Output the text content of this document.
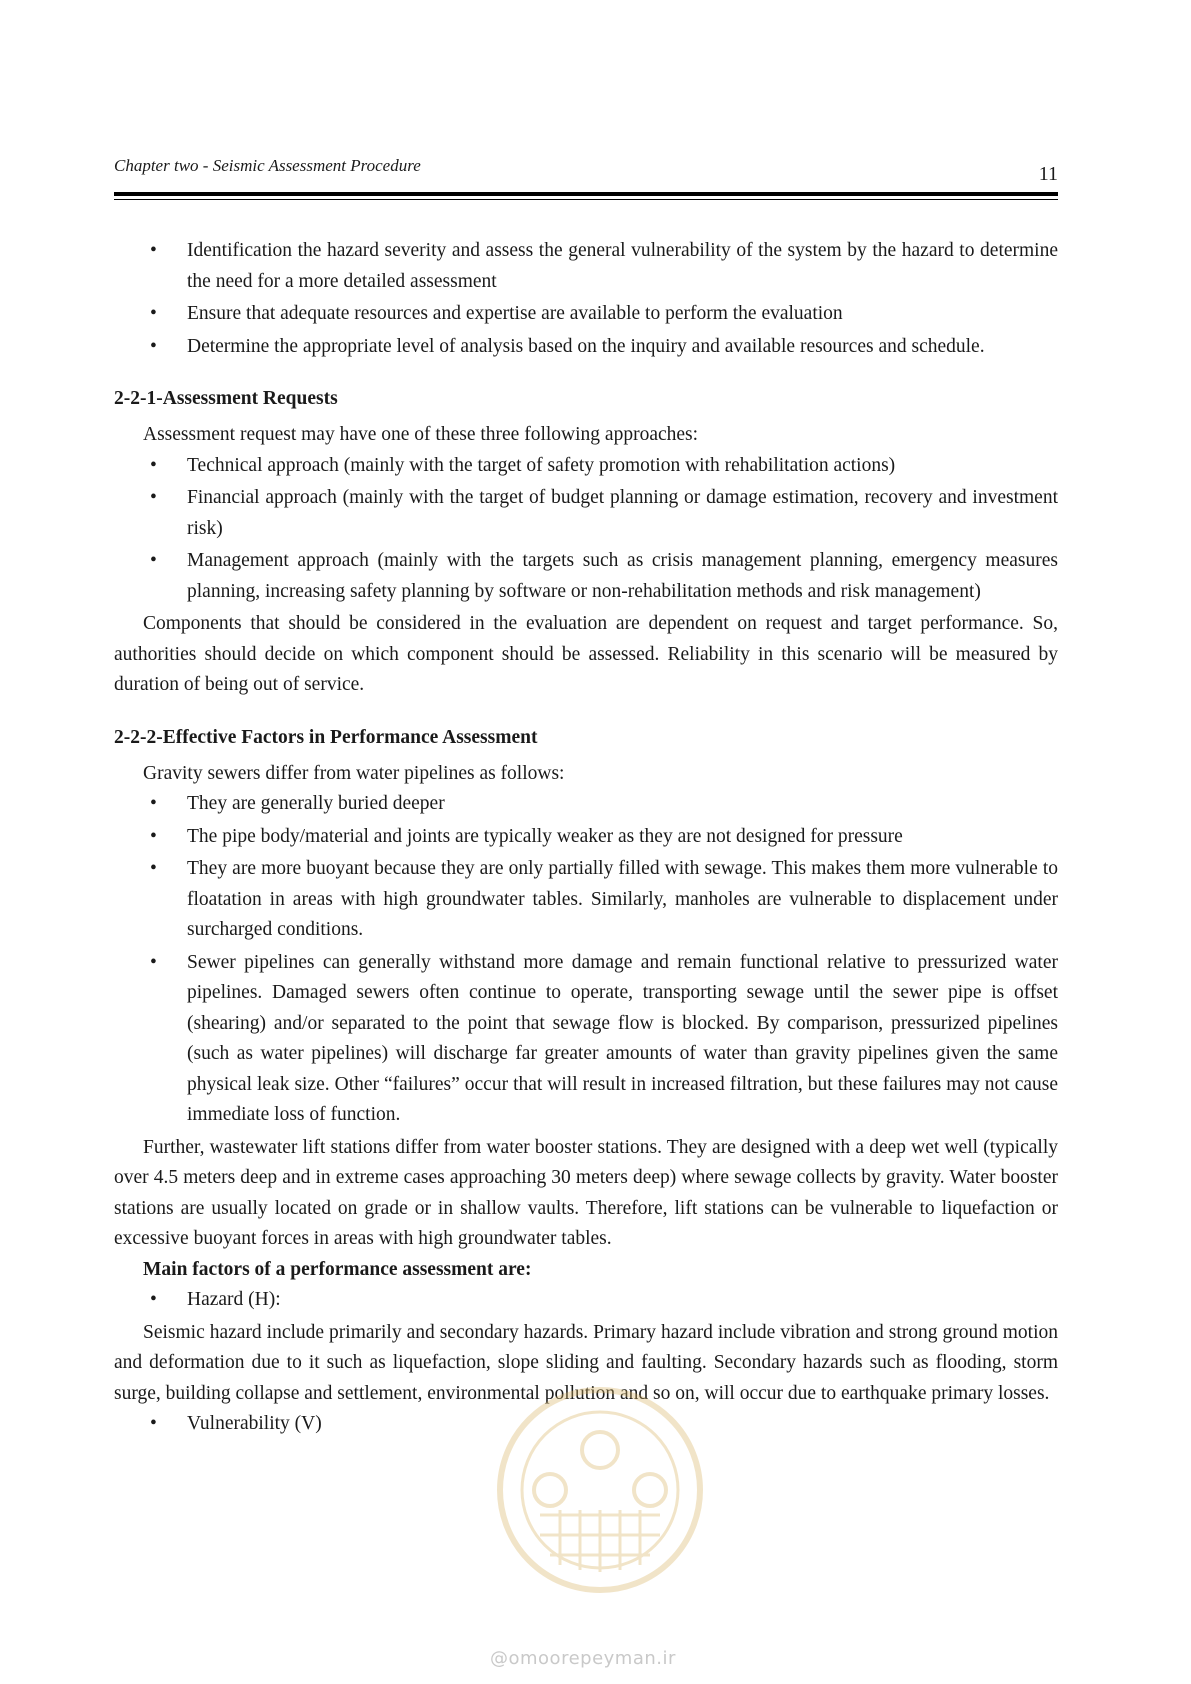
Chapter two - Seismic Assessment Procedure	11
• Identification the hazard severity and assess the general vulnerability of the system by the hazard to determine the need for a more detailed assessment
• Ensure that adequate resources and expertise are available to perform the evaluation
• Determine the appropriate level of analysis based on the inquiry and available resources and schedule.
2-2-1-Assessment Requests

Assessment request may have one of these three following approaches:

• Technical approach (mainly with the target of safety promotion with rehabilitation actions)
• Financial approach (mainly with the target of budget planning or damage estimation, recovery and investment risk)
• Management approach (mainly with the targets such as crisis management planning, emergency measures planning, increasing safety planning by software or non-rehabilitation methods and risk management)

Components that should be considered in the evaluation are dependent on request and target performance. So, authorities should decide on which component should be assessed. Reliability in this scenario will be measured by duration of being out of service.

2-2-2-Effective Factors in Performance Assessment

Gravity sewers differ from water pipelines as follows:

• They are generally buried deeper
• The pipe body/material and joints are typically weaker as they are not designed for pressure
• They are more buoyant because they are only partially filled with sewage. This makes them more vulnerable to floatation in areas with high groundwater tables. Similarly, manholes are vulnerable to displacement under surcharged conditions.
• Sewer pipelines can generally withstand more damage and remain functional relative to pressurized water pipelines. Damaged sewers often continue to operate, transporting sewage until the sewer pipe is offset (shearing) and/or separated to the point that sewage flow is blocked. By comparison, pressurized pipelines (such as water pipelines) will discharge far greater amounts of water than gravity pipelines given the same physical leak size. Other “failures” occur that will result in increased filtration, but these failures may not cause immediate loss of function.

Further, wastewater lift stations differ from water booster stations. They are designed with a deep wet well (typically over 4.5 meters deep and in extreme cases approaching 30 meters deep) where sewage collects by gravity. Water booster stations are usually located on grade or in shallow vaults. Therefore, lift stations can be vulnerable to liquefaction or excessive buoyant forces in areas with high groundwater tables.

Main factors of a performance assessment are:

• Hazard (H):

Seismic hazard include primarily and secondary hazards. Primary hazard include vibration and strong ground motion and deformation due to it such as liquefaction, slope sliding and faulting. Secondary hazards such as flooding, storm surge, building collapse and settlement, environmental pollution and so on, will occur due to earthquake primary losses.

• Vulnerability (V)
@omoorepeyman.ir
